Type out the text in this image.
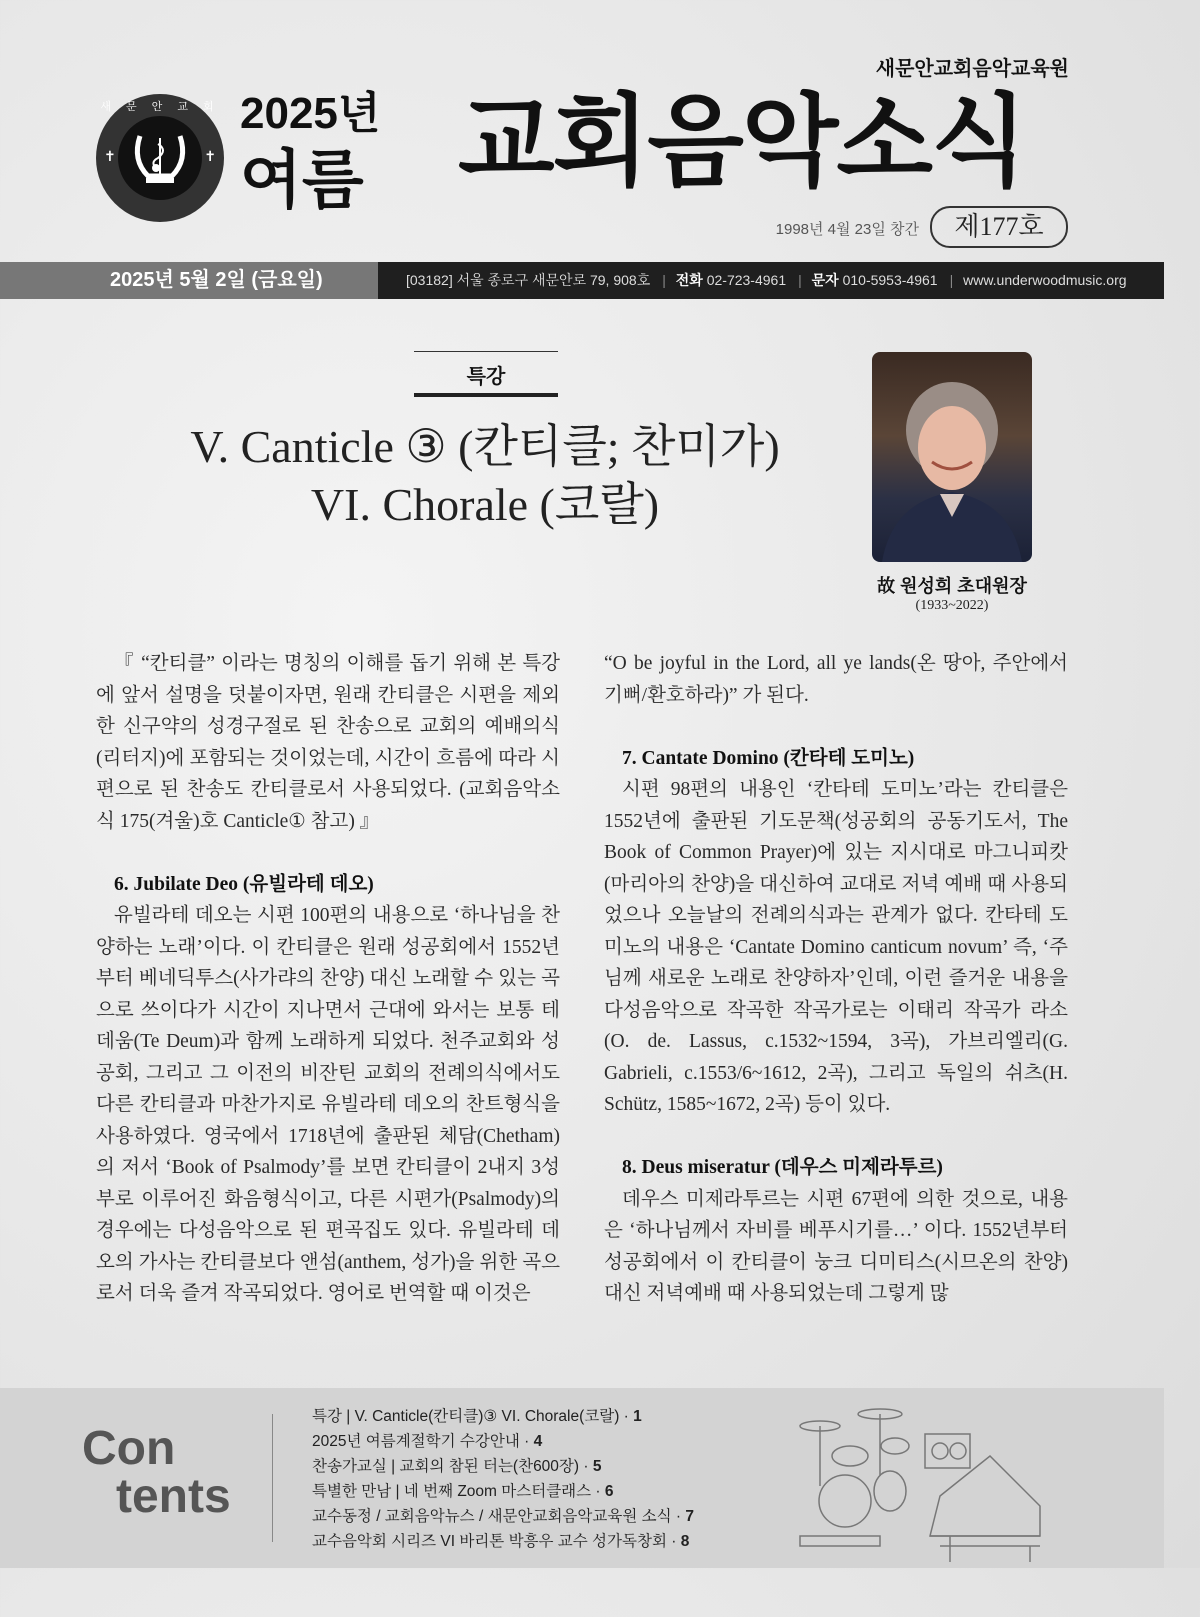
새문안교회음악교육원
새 문 안 교 회
✝	✝
2025년
여름 교회음악소식
1998년 4월 23일 창간	제177호
2025년 5월 2일 (금요일)	[03182] 서울 종로구 새문안로 79, 908호 | 전화 02-723-4961 | 문자 010-5953-4961 | www.underwoodmusic.org
특강
V. Canticle ③ (칸티클; 찬미가)
VI. Chorale (코랄)
故 원성희 초대원장
(1933~2022)

『 “칸티클” 이라는 명칭의 이해를 돕기 위해 본 특강에 앞서 설명을 덧붙이자면, 원래 칸티클은 시편을 제외한 신구약의 성경구절로 된 찬송으로 교회의 예배의식(리터지)에 포함되는 것이었는데, 시간이 흐름에 따라 시편으로 된 찬송도 칸티클로서 사용되었다. (교회음악소식 175(겨울)호 Canticle① 참고) 』

6. Jubilate Deo (유빌라테 데오)

유빌라테 데오는 시편 100편의 내용으로 ‘하나님을 찬양하는 노래’이다. 이 칸티클은 원래 성공회에서 1552년부터 베네딕투스(사가랴의 찬양) 대신 노래할 수 있는 곡으로 쓰이다가 시간이 지나면서 근대에 와서는 보통 테 데움(Te Deum)과 함께 노래하게 되었다. 천주교회와 성공회, 그리고 그 이전의 비잔틴 교회의 전례의식에서도 다른 칸티클과 마찬가지로 유빌라테 데오의 찬트형식을 사용하였다. 영국에서 1718년에 출판된 체담(Chetham)의 저서 ‘Book of Psalmody’를 보면 칸티클이 2내지 3성부로 이루어진 화음형식이고, 다른 시편가(Psalmody)의 경우에는 다성음악으로 된 편곡집도 있다. 유빌라테 데오의 가사는 칸티클보다 앤섬(anthem, 성가)을 위한 곡으로서 더욱 즐겨 작곡되었다. 영어로 번역할 때 이것은

“O be joyful in the Lord, all ye lands(온 땅아, 주안에서 기뻐/환호하라)” 가 된다.

7. Cantate Domino (칸타테 도미노)

시편 98편의 내용인 ‘칸타테 도미노’라는 칸티클은 1552년에 출판된 기도문책(성공회의 공동기도서, The Book of Common Prayer)에 있는 지시대로 마그니피캇(마리아의 찬양)을 대신하여 교대로 저녁 예배 때 사용되었으나 오늘날의 전례의식과는 관계가 없다. 칸타테 도미노의 내용은 ‘Cantate Domino canticum novum’ 즉, ‘주님께 새로운 노래로 찬양하자’인데, 이런 즐거운 내용을 다성음악으로 작곡한 작곡가로는 이태리 작곡가 라소(O. de. Lassus, c.1532~1594, 3곡), 가브리엘리(G. Gabrieli, c.1553/6~1612, 2곡), 그리고 독일의 쉬츠(H. Schütz, 1585~1672, 2곡) 등이 있다.

8. Deus miseratur (데우스 미제라투르)

데우스 미제라투르는 시편 67편에 의한 것으로, 내용은 ‘하나님께서 자비를 베푸시기를…’ 이다. 1552년부터 성공회에서 이 칸티클이 눙크 디미티스(시므온의 찬양) 대신 저녁예배 때 사용되었는데 그렇게 많

Con
tents
특강 | V. Canticle(칸티클)③ VI. Chorale(코랄) · 1
2025년 여름계절학기 수강안내 · 4
찬송가교실 | 교회의 참된 터는(찬600장) · 5
특별한 만남 | 네 번째 Zoom 마스터클래스 · 6
교수동정 / 교회음악뉴스 / 새문안교회음악교육원 소식 · 7
교수음악회 시리즈 VI 바리톤 박흥우 교수 성가독창회 · 8
